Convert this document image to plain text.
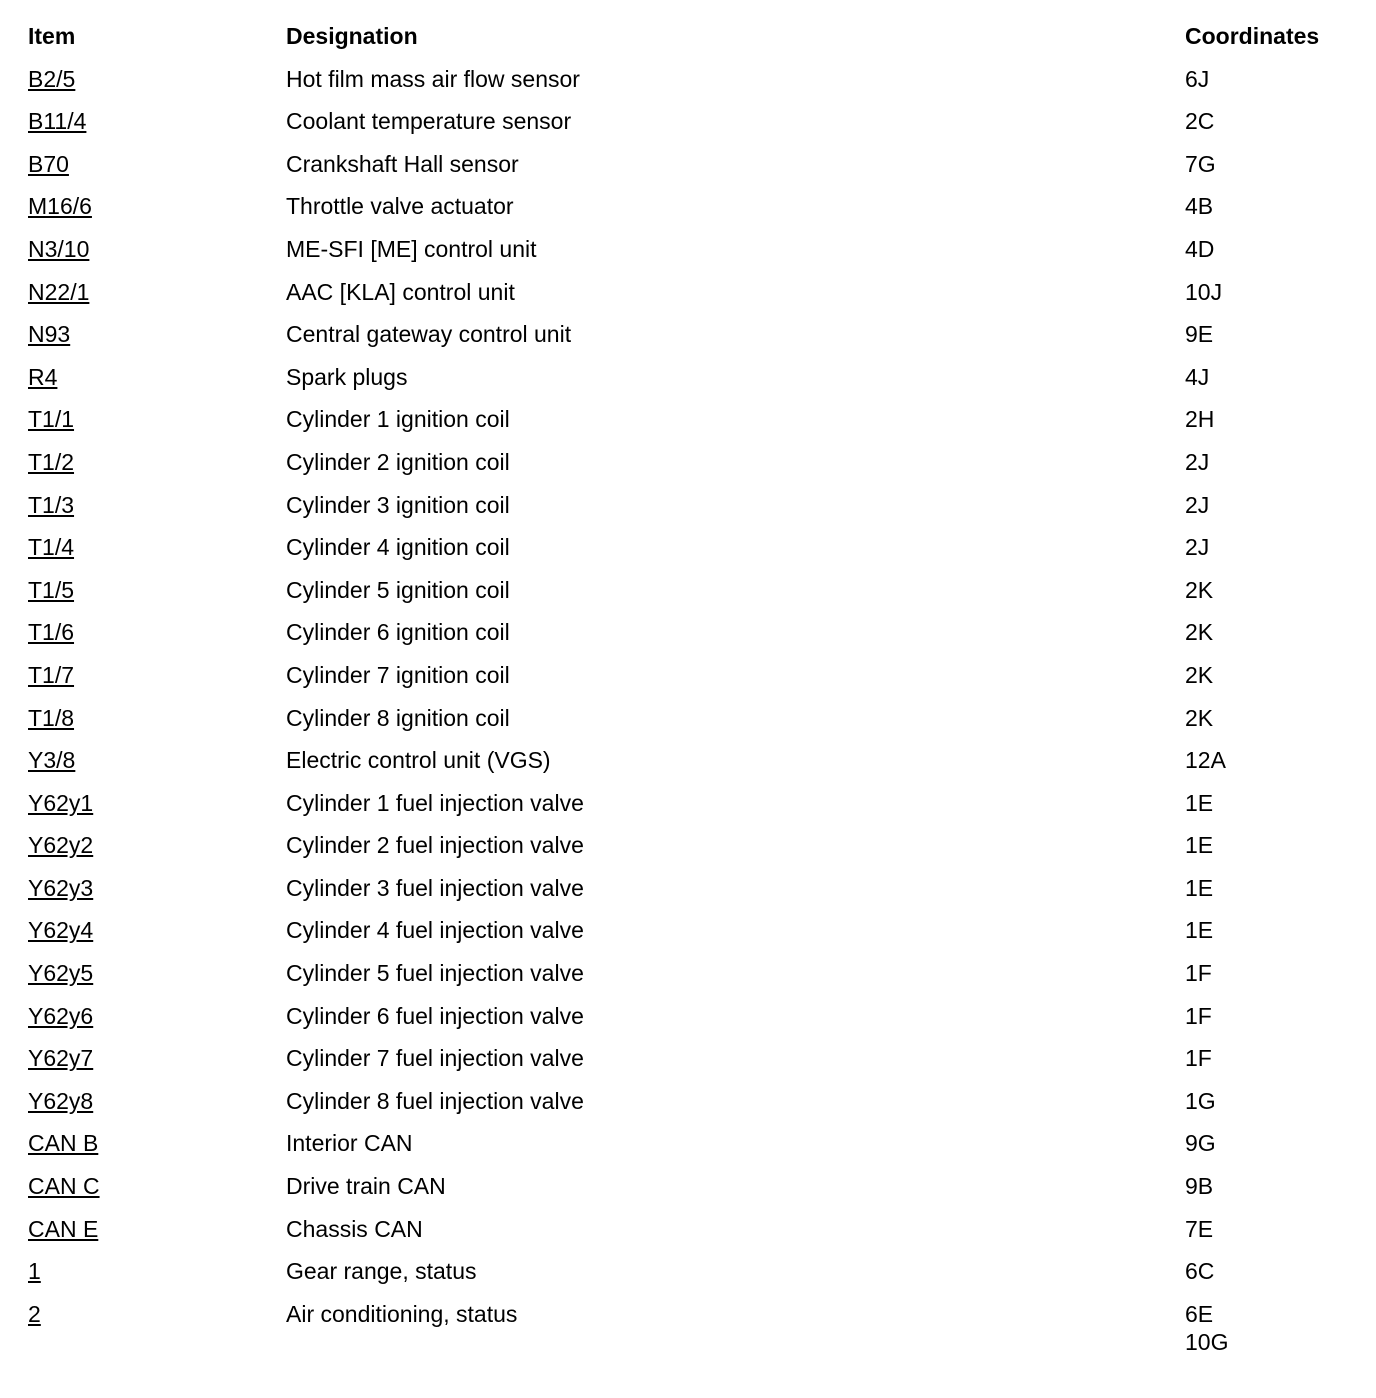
Item	Designation	Coordinates
B2/5	Hot film mass air flow sensor	6J
B11/4	Coolant temperature sensor	2C
B70	Crankshaft Hall sensor	7G
M16/6	Throttle valve actuator	4B
N3/10	ME-SFI [ME] control unit	4D
N22/1	AAC [KLA] control unit	10J
N93	Central gateway control unit	9E
R4	Spark plugs	4J
T1/1	Cylinder 1 ignition coil	2H
T1/2	Cylinder 2 ignition coil	2J
T1/3	Cylinder 3 ignition coil	2J
T1/4	Cylinder 4 ignition coil	2J
T1/5	Cylinder 5 ignition coil	2K
T1/6	Cylinder 6 ignition coil	2K
T1/7	Cylinder 7 ignition coil	2K
T1/8	Cylinder 8 ignition coil	2K
Y3/8	Electric control unit (VGS)	12A
Y62y1	Cylinder 1 fuel injection valve	1E
Y62y2	Cylinder 2 fuel injection valve	1E
Y62y3	Cylinder 3 fuel injection valve	1E
Y62y4	Cylinder 4 fuel injection valve	1E
Y62y5	Cylinder 5 fuel injection valve	1F
Y62y6	Cylinder 6 fuel injection valve	1F
Y62y7	Cylinder 7 fuel injection valve	1F
Y62y8	Cylinder 8 fuel injection valve	1G
CAN B	Interior CAN	9G
CAN C	Drive train CAN	9B
CAN E	Chassis CAN	7E
1	Gear range, status	6C
2	Air conditioning, status	6E
10G
